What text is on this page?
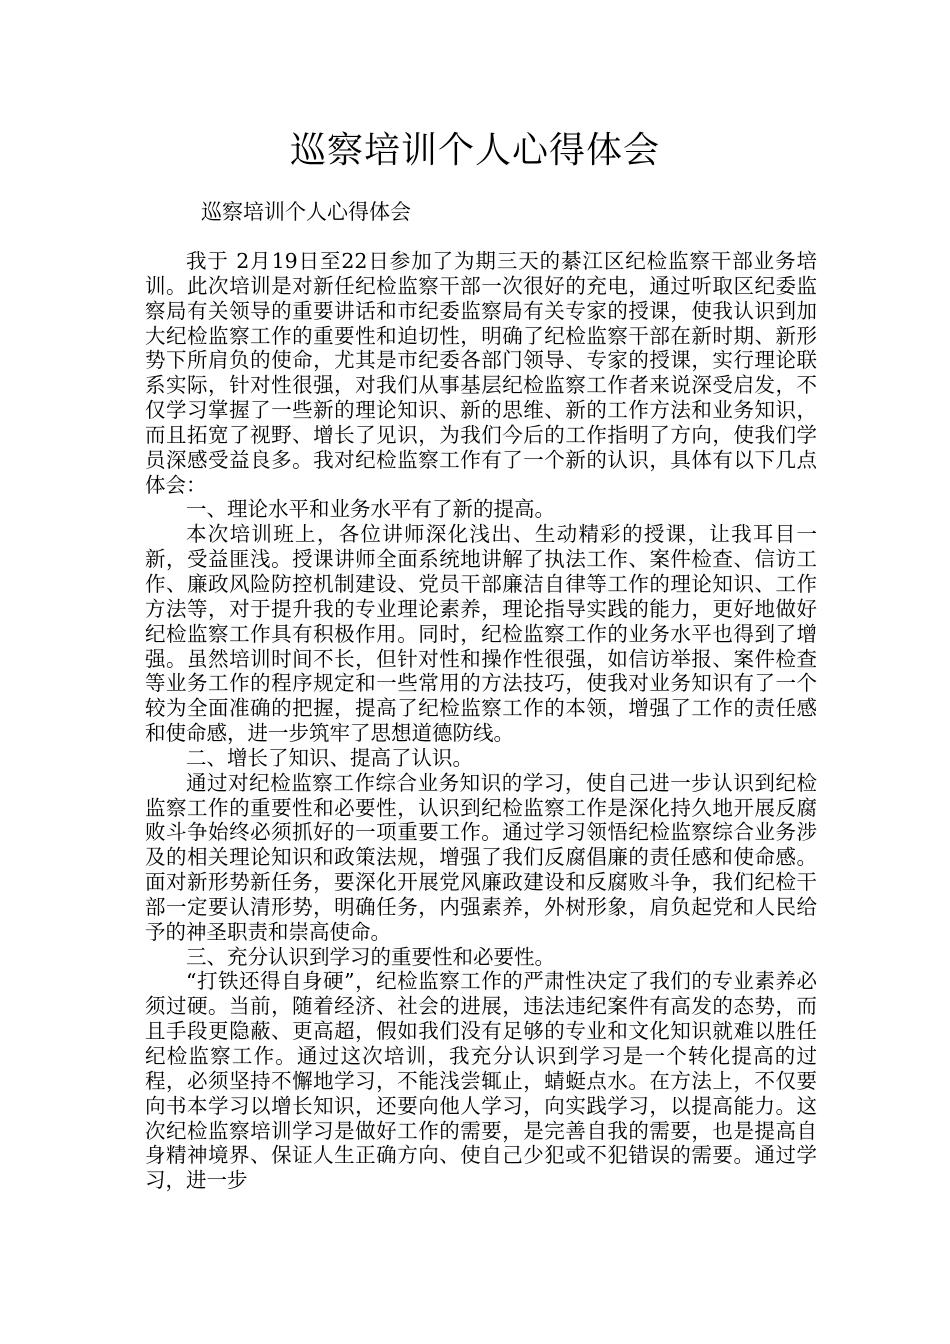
巡察培训个人心得体会
巡察培训个人心得体会

我于 2月19日至22日参加了为期三天的綦江区纪检监察干部业务培训。此次培训是对新任纪检监察干部一次很好的充电，通过听取区纪委监察局有关领导的重要讲话和市纪委监察局有关专家的授课，使我认识到加大纪检监察工作的重要性和迫切性，明确了纪检监察干部在新时期、新形势下所肩负的使命，尤其是市纪委各部门领导、专家的授课，实行理论联系实际，针对性很强，对我们从事基层纪检监察工作者来说深受启发，不仅学习掌握了一些新的理论知识、新的思维、新的工作方法和业务知识，而且拓宽了视野、增长了见识，为我们今后的工作指明了方向，使我们学员深感受益良多。我对纪检监察工作有了一个新的认识，具体有以下几点体会：

一、理论水平和业务水平有了新的提高。

本次培训班上，各位讲师深化浅出、生动精彩的授课，让我耳目一新，受益匪浅。授课讲师全面系统地讲解了执法工作、案件检查、信访工作、廉政风险防控机制建设、党员干部廉洁自律等工作的理论知识、工作方法等，对于提升我的专业理论素养，理论指导实践的能力，更好地做好纪检监察工作具有积极作用。同时，纪检监察工作的业务水平也得到了增强。虽然培训时间不长，但针对性和操作性很强，如信访举报、案件检查等业务工作的程序规定和一些常用的方法技巧，使我对业务知识有了一个较为全面准确的把握，提高了纪检监察工作的本领，增强了工作的责任感和使命感，进一步筑牢了思想道德防线。

二、增长了知识、提高了认识。

通过对纪检监察工作综合业务知识的学习，使自己进一步认识到纪检监察工作的重要性和必要性，认识到纪检监察工作是深化持久地开展反腐败斗争始终必须抓好的一项重要工作。通过学习领悟纪检监察综合业务涉及的相关理论知识和政策法规，增强了我们反腐倡廉的责任感和使命感。面对新形势新任务，要深化开展党风廉政建设和反腐败斗争，我们纪检干部一定要认清形势，明确任务，内强素养，外树形象，肩负起党和人民给予的神圣职责和崇高使命。

三、充分认识到学习的重要性和必要性。

“打铁还得自身硬”，纪检监察工作的严肃性决定了我们的专业素养必须过硬。当前，随着经济、社会的进展，违法违纪案件有高发的态势，而且手段更隐蔽、更高超，假如我们没有足够的专业和文化知识就难以胜任纪检监察工作。通过这次培训，我充分认识到学习是一个转化提高的过程，必须坚持不懈地学习，不能浅尝辄止，蜻蜓点水。在方法上，不仅要向书本学习以增长知识，还要向他人学习，向实践学习，以提高能力。这次纪检监察培训学习是做好工作的需要，是完善自我的需要，也是提高自身精神境界、保证人生正确方向、使自己少犯或不犯错误的需要。通过学习，进一步
